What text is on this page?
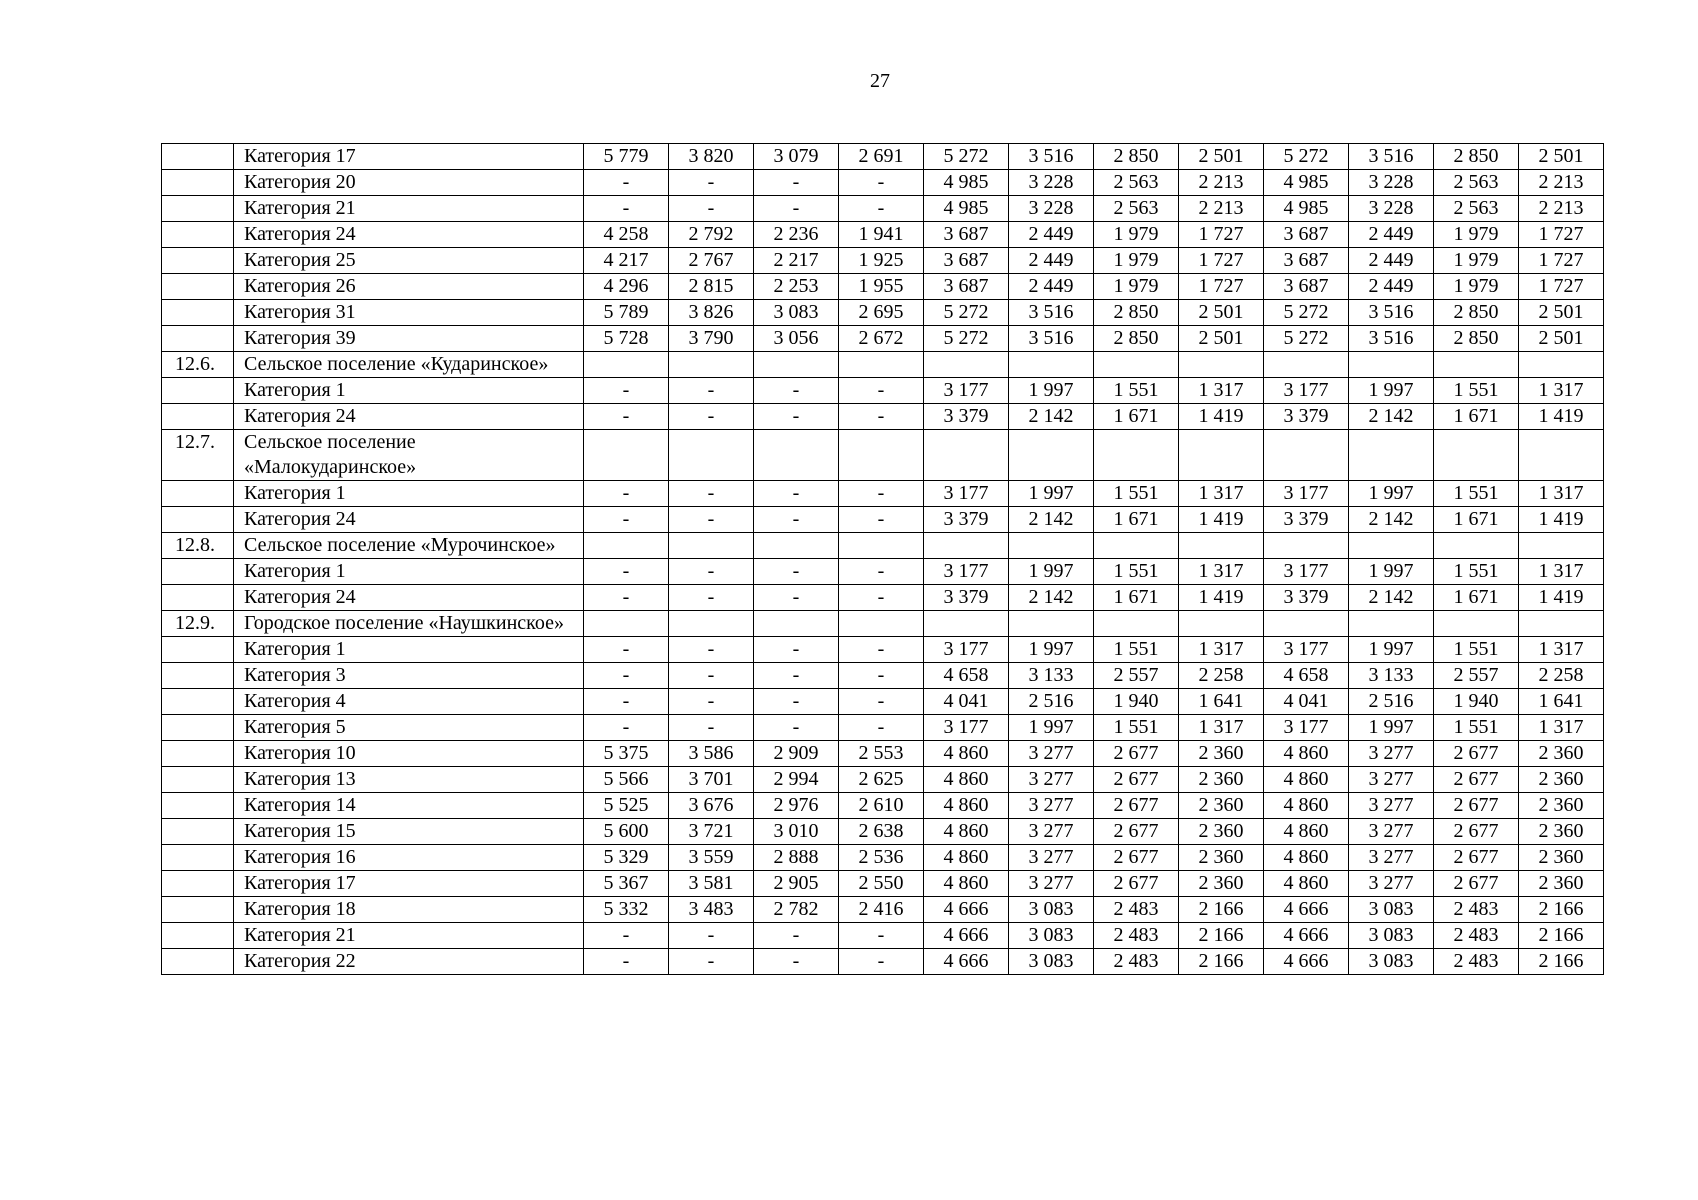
27
	Категория 17	5 779	3 820	3 079	2 691	5 272	3 516	2 850	2 501	5 272	3 516	2 850	2 501
	Категория 20	-	-	-	-	4 985	3 228	2 563	2 213	4 985	3 228	2 563	2 213
	Категория 21	-	-	-	-	4 985	3 228	2 563	2 213	4 985	3 228	2 563	2 213
	Категория 24	4 258	2 792	2 236	1 941	3 687	2 449	1 979	1 727	3 687	2 449	1 979	1 727
	Категория 25	4 217	2 767	2 217	1 925	3 687	2 449	1 979	1 727	3 687	2 449	1 979	1 727
	Категория 26	4 296	2 815	2 253	1 955	3 687	2 449	1 979	1 727	3 687	2 449	1 979	1 727
	Категория 31	5 789	3 826	3 083	2 695	5 272	3 516	2 850	2 501	5 272	3 516	2 850	2 501
	Категория 39	5 728	3 790	3 056	2 672	5 272	3 516	2 850	2 501	5 272	3 516	2 850	2 501
12.6.	Сельское поселение «Кударинское»												
	Категория 1	-	-	-	-	3 177	1 997	1 551	1 317	3 177	1 997	1 551	1 317
	Категория 24	-	-	-	-	3 379	2 142	1 671	1 419	3 379	2 142	1 671	1 419
12.7.	Сельское поселение «Малокударинское»												
	Категория 1	-	-	-	-	3 177	1 997	1 551	1 317	3 177	1 997	1 551	1 317
	Категория 24	-	-	-	-	3 379	2 142	1 671	1 419	3 379	2 142	1 671	1 419
12.8.	Сельское поселение «Мурочинское»												
	Категория 1	-	-	-	-	3 177	1 997	1 551	1 317	3 177	1 997	1 551	1 317
	Категория 24	-	-	-	-	3 379	2 142	1 671	1 419	3 379	2 142	1 671	1 419
12.9.	Городское поселение «Наушкинское»												
	Категория 1	-	-	-	-	3 177	1 997	1 551	1 317	3 177	1 997	1 551	1 317
	Категория 3	-	-	-	-	4 658	3 133	2 557	2 258	4 658	3 133	2 557	2 258
	Категория 4	-	-	-	-	4 041	2 516	1 940	1 641	4 041	2 516	1 940	1 641
	Категория 5	-	-	-	-	3 177	1 997	1 551	1 317	3 177	1 997	1 551	1 317
	Категория 10	5 375	3 586	2 909	2 553	4 860	3 277	2 677	2 360	4 860	3 277	2 677	2 360
	Категория 13	5 566	3 701	2 994	2 625	4 860	3 277	2 677	2 360	4 860	3 277	2 677	2 360
	Категория 14	5 525	3 676	2 976	2 610	4 860	3 277	2 677	2 360	4 860	3 277	2 677	2 360
	Категория 15	5 600	3 721	3 010	2 638	4 860	3 277	2 677	2 360	4 860	3 277	2 677	2 360
	Категория 16	5 329	3 559	2 888	2 536	4 860	3 277	2 677	2 360	4 860	3 277	2 677	2 360
	Категория 17	5 367	3 581	2 905	2 550	4 860	3 277	2 677	2 360	4 860	3 277	2 677	2 360
	Категория 18	5 332	3 483	2 782	2 416	4 666	3 083	2 483	2 166	4 666	3 083	2 483	2 166
	Категория 21	-	-	-	-	4 666	3 083	2 483	2 166	4 666	3 083	2 483	2 166
	Категория 22	-	-	-	-	4 666	3 083	2 483	2 166	4 666	3 083	2 483	2 166
